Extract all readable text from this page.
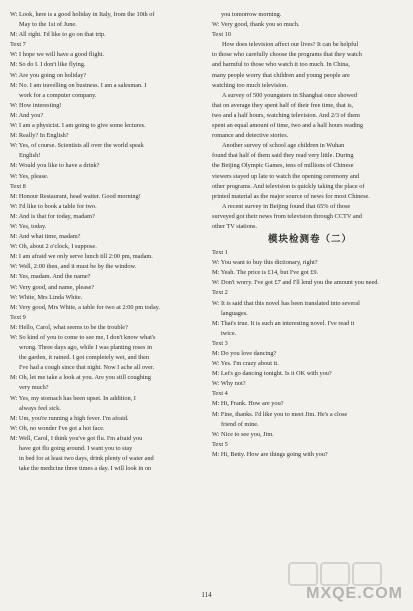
W: Look, here is a good holiday in Italy, from the 10th of
May to the 1st of June.
M: All right. I'd like to go on that trip.
Text 7
W: I hope we will have a good flight.
M: So do I. I don't like flying.
W: Are you going on holiday?
M: No. I am travelling on business. I am a salesman. I
work for a computer company.
W: How interesting!
M: And you?
W: I am a physicist. I am going to give some lectures.
M: Really? In English?
W: Yes, of course. Scientists all over the world speak
English!
M: Would you like to have a drink?
W: Yes, please.
Text 8
M: Honour Restaurant, head waiter. Good morning!
W: I'd like to book a table for two.
M: And is that for today, madam?
W: Yes, today.
M: And what time, madam?
W: Oh, about 2 o'clock, I suppose.
M: I am afraid we only serve lunch till 2:00 pm, madam.
W: Well, 2:00 then, and it must be by the window.
M: Yes, madam. And the name?
W: Very good, and name, please?
W: White, Mrs Linda White.
M: Very good, Mrs White, a table for two at 2:00 pm today.
Text 9
M: Hello, Carol, what seems to be the trouble?
W: So kind of you to come to see me, I don't know what's
wrong. Three days ago, while I was planting roses in
the garden, it rained. I got completely wet, and then
I've had a cough since that night. Now I ache all over.
M: Oh, let me take a look at you. Are you still coughing
very much?
W: Yes, my stomach has been upset. In addition, I
always feel sick.
M: Um, you're running a high fever. I'm afraid.
W: Oh, no wonder I've got a hot face.
M: Well, Carol, I think you've got flu. I'm afraid you
have got flu going around. I want you to stay
in bed for at least two days, drink plenty of water and
take the medicine three times a day. I will look in on
you tomorrow morning.
W: Very good, thank you so much.
Text 10
How does television affect our lives? It can be helpful
to those who carefully choose the programs that they watch
and harmful to those who watch it too much. In China,
many people worry that children and young people are
watching too much television.
A survey of 500 youngsters in Shanghai once showed
that on average they spent half of their free time, that is,
two and a half hours, watching television. And 2/3 of them
spent an equal amount of time, two and a half hours reading
romance and detective stories.
Another survey of school age children in Wuhan
found that half of them said they read very little. During
the Beijing Olympic Games, tens of millions of Chinese
viewers stayed up late to watch the opening ceremony and
other programs. And television is quickly taking the place of
printed material as the major source of news for most Chinese.
A recent survey in Beijing found that 65% of those
surveyed got their news from television through CCTV and
other TV stations.
模块检测卷（二）
Text 1
W: You want to buy this dictionary, right?
M: Yeah. The price is £14, but I've got £9.
W: Don't worry. I've got £7 and I'll lend you the amount you need.
Text 2
W: It is said that this novel has been translated into several
languages.
M: That's true. It is such an interesting novel. I've read it
twice.
Text 3
M: Do you love dancing?
W: Yes. I'm crazy about it.
M: Let's go dancing tonight. Is it OK with you?
W: Why not?
Text 4
M: Hi, Frank. How are you?
M: Fine, thanks. I'd like you to meet Jim. He's a close
friend of mine.
W: Nice to see you, Jim.
Text 5
M: Hi, Betty. How are things going with you?
114	MXQE.COM
